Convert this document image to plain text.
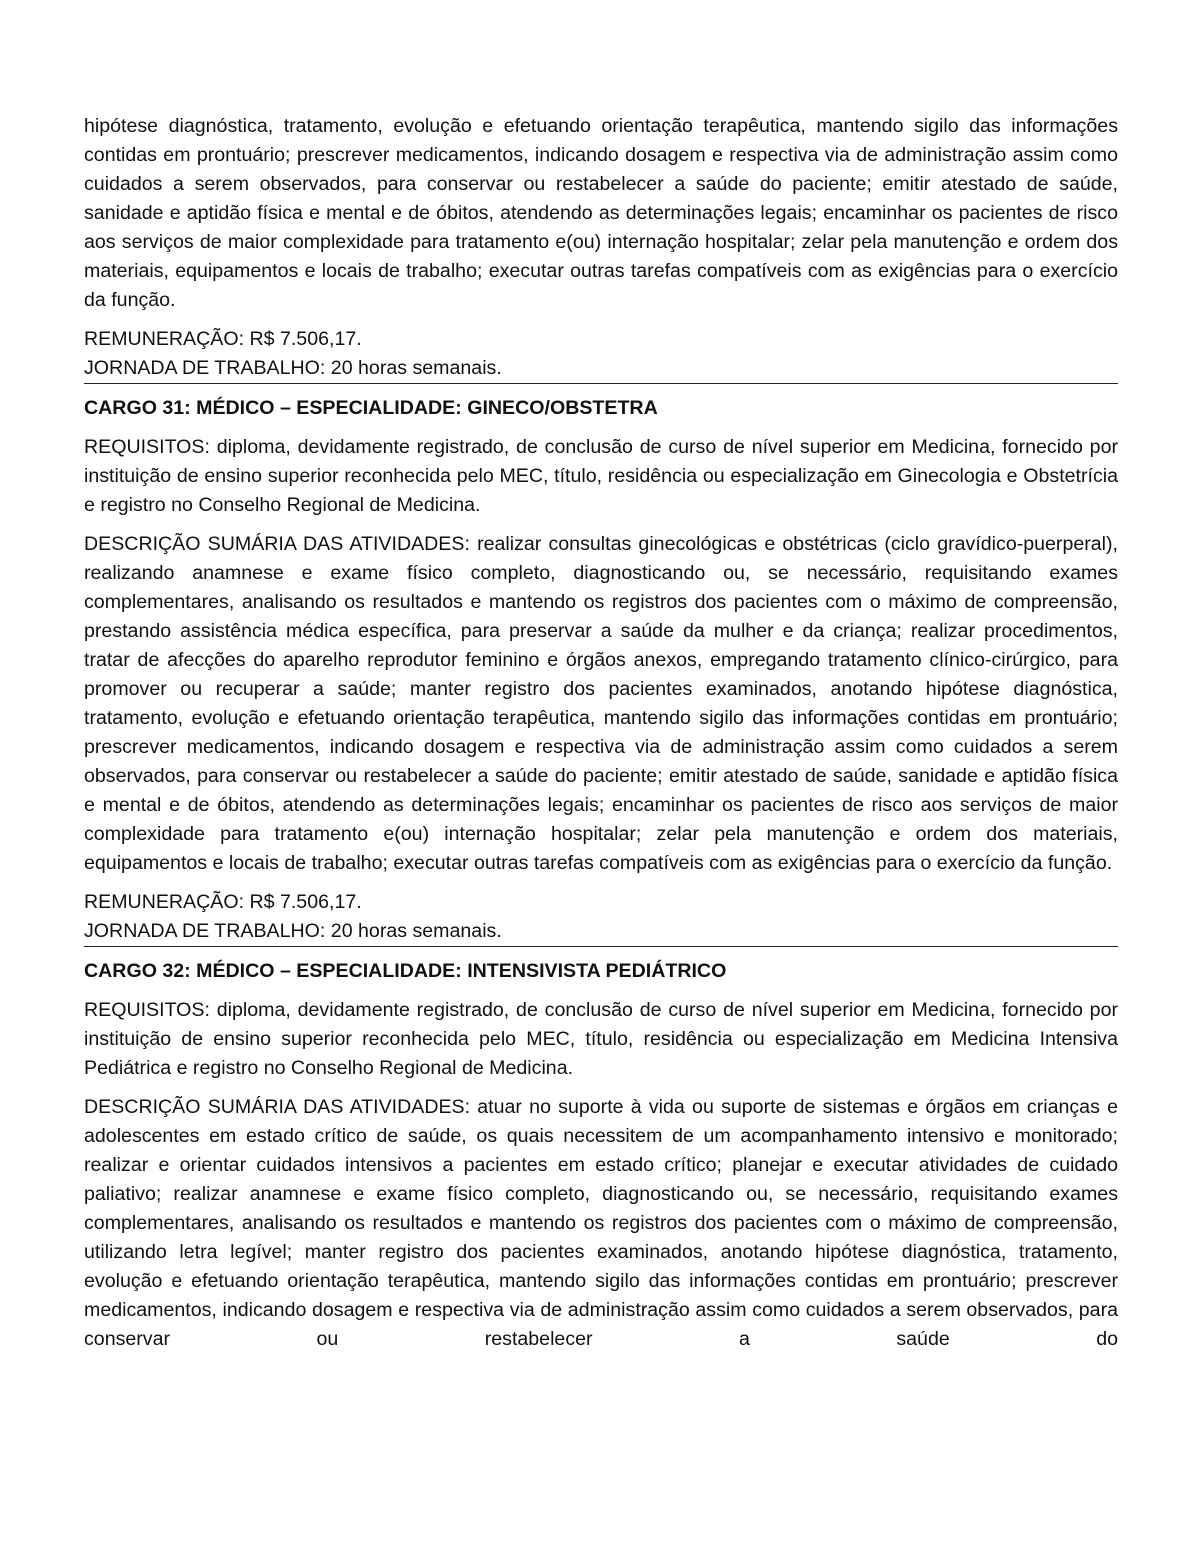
hipótese diagnóstica, tratamento, evolução e efetuando orientação terapêutica, mantendo sigilo das informações contidas em prontuário; prescrever medicamentos, indicando dosagem e respectiva via de administração assim como cuidados a serem observados, para conservar ou restabelecer a saúde do paciente; emitir atestado de saúde, sanidade e aptidão física e mental e de óbitos, atendendo as determinações legais; encaminhar os pacientes de risco aos serviços de maior complexidade para tratamento e(ou) internação hospitalar; zelar pela manutenção e ordem dos materiais, equipamentos e locais de trabalho; executar outras tarefas compatíveis com as exigências para o exercício da função.

REMUNERAÇÃO: R$ 7.506,17.

JORNADA DE TRABALHO: 20 horas semanais.

CARGO 31: MÉDICO – ESPECIALIDADE: GINECO/OBSTETRA

REQUISITOS: diploma, devidamente registrado, de conclusão de curso de nível superior em Medicina, fornecido por instituição de ensino superior reconhecida pelo MEC, título, residência ou especialização em Ginecologia e Obstetrícia e registro no Conselho Regional de Medicina.

DESCRIÇÃO SUMÁRIA DAS ATIVIDADES: realizar consultas ginecológicas e obstétricas (ciclo gravídico-puerperal), realizando anamnese e exame físico completo, diagnosticando ou, se necessário, requisitando exames complementares, analisando os resultados e mantendo os registros dos pacientes com o máximo de compreensão, prestando assistência médica específica, para preservar a saúde da mulher e da criança; realizar procedimentos, tratar de afecções do aparelho reprodutor feminino e órgãos anexos, empregando tratamento clínico-cirúrgico, para promover ou recuperar a saúde; manter registro dos pacientes examinados, anotando hipótese diagnóstica, tratamento, evolução e efetuando orientação terapêutica, mantendo sigilo das informações contidas em prontuário; prescrever medicamentos, indicando dosagem e respectiva via de administração assim como cuidados a serem observados, para conservar ou restabelecer a saúde do paciente; emitir atestado de saúde, sanidade e aptidão física e mental e de óbitos, atendendo as determinações legais; encaminhar os pacientes de risco aos serviços de maior complexidade para tratamento e(ou) internação hospitalar; zelar pela manutenção e ordem dos materiais, equipamentos e locais de trabalho; executar outras tarefas compatíveis com as exigências para o exercício da função.

REMUNERAÇÃO: R$ 7.506,17.

JORNADA DE TRABALHO: 20 horas semanais.

CARGO 32: MÉDICO – ESPECIALIDADE: INTENSIVISTA PEDIÁTRICO

REQUISITOS: diploma, devidamente registrado, de conclusão de curso de nível superior em Medicina, fornecido por instituição de ensino superior reconhecida pelo MEC, título, residência ou especialização em Medicina Intensiva Pediátrica e registro no Conselho Regional de Medicina.

DESCRIÇÃO SUMÁRIA DAS ATIVIDADES: atuar no suporte à vida ou suporte de sistemas e órgãos em crianças e adolescentes em estado crítico de saúde, os quais necessitem de um acompanhamento intensivo e monitorado; realizar e orientar cuidados intensivos a pacientes em estado crítico; planejar e executar atividades de cuidado paliativo; realizar anamnese e exame físico completo, diagnosticando ou, se necessário, requisitando exames complementares, analisando os resultados e mantendo os registros dos pacientes com o máximo de compreensão, utilizando letra legível; manter registro dos pacientes examinados, anotando hipótese diagnóstica, tratamento, evolução e efetuando orientação terapêutica, mantendo sigilo das informações contidas em prontuário; prescrever medicamentos, indicando dosagem e respectiva via de administração assim como cuidados a serem observados, para conservar ou restabelecer a saúde do
